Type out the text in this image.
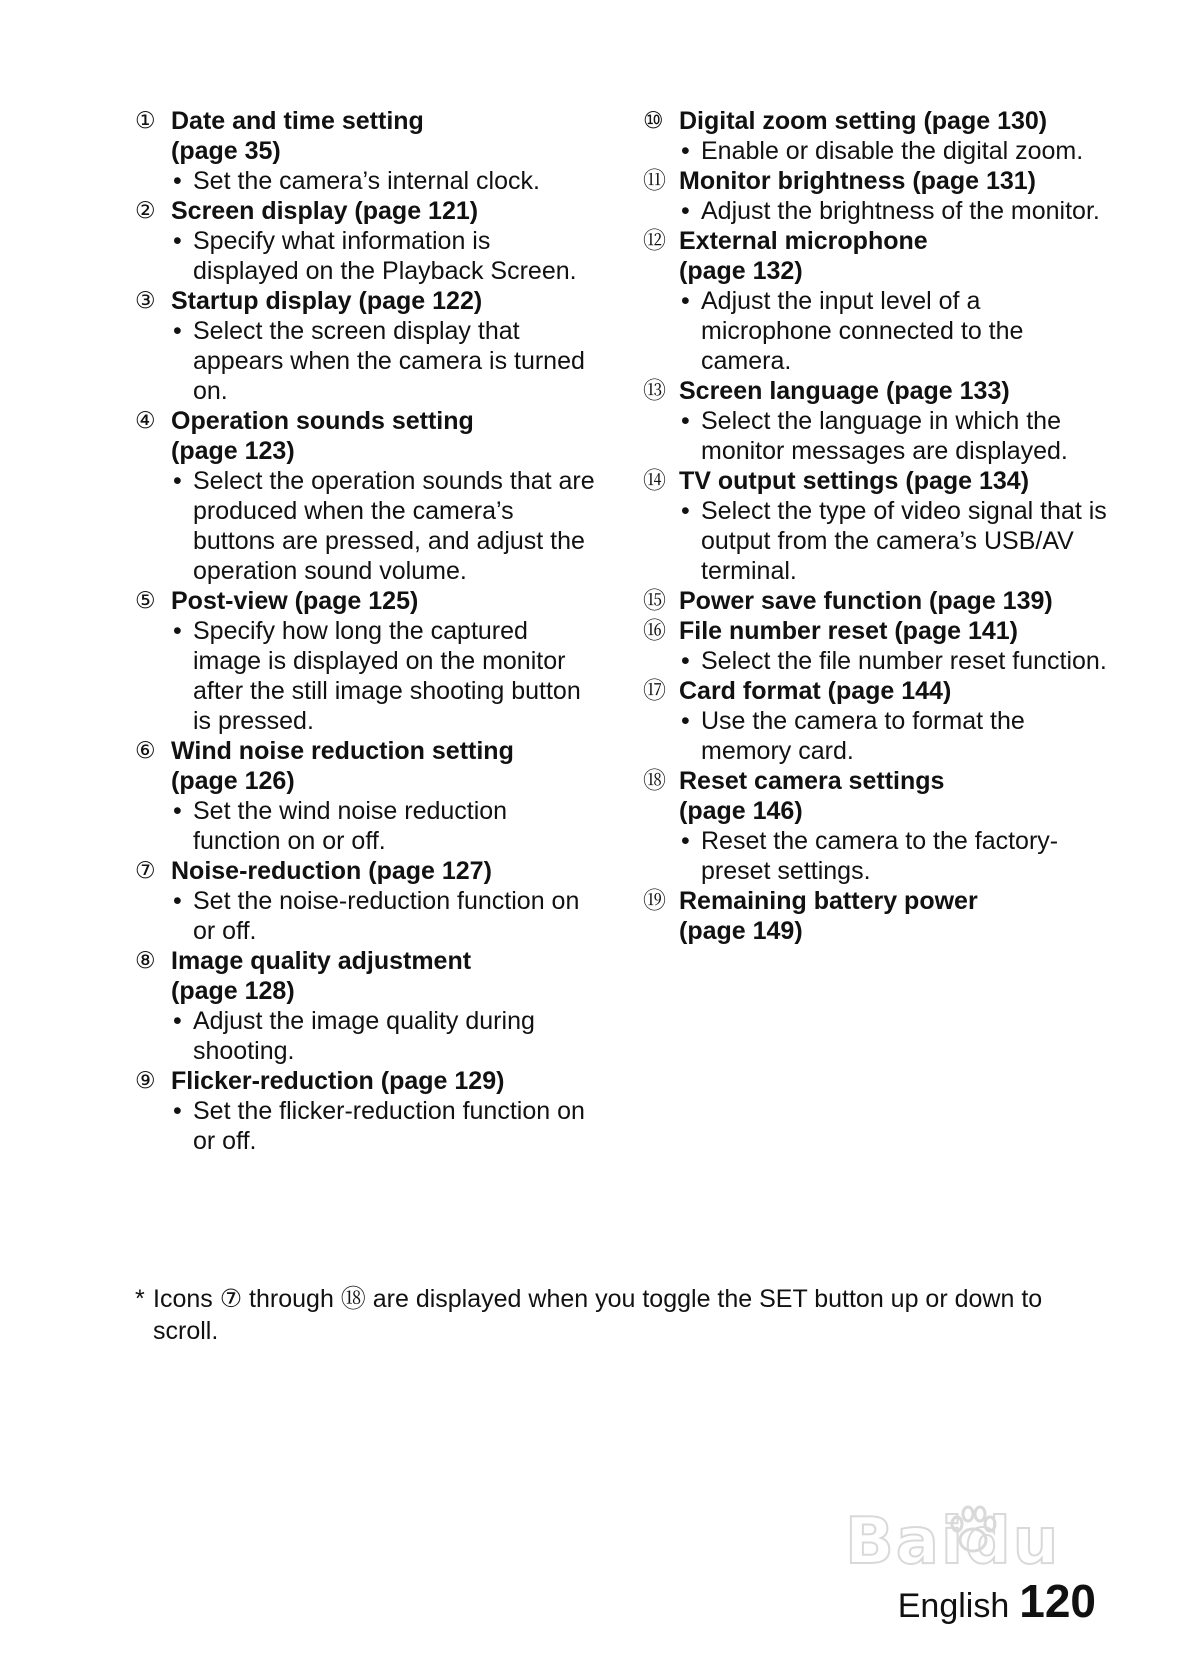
① Date and time setting
(page 35)
• Set the camera’s internal clock.
② Screen display (page 121)
• Specify what information is displayed on the Playback Screen.
③ Startup display (page 122)
• Select the screen display that appears when the camera is turned on.
④ Operation sounds setting
(page 123)
• Select the operation sounds that are produced when the camera’s buttons are pressed, and adjust the operation sound volume.
⑤ Post-view (page 125)
• Specify how long the captured image is displayed on the monitor after the still image shooting button is pressed.
⑥ Wind noise reduction setting
(page 126)
• Set the wind noise reduction function on or off.
⑦ Noise-reduction (page 127)
• Set the noise-reduction function on or off.
⑧ Image quality adjustment
(page 128)
• Adjust the image quality during shooting.
⑨ Flicker-reduction (page 129)
• Set the flicker-reduction function on or off.
⑩ Digital zoom setting (page 130)
• Enable or disable the digital zoom.
⑪ Monitor brightness (page 131)
• Adjust the brightness of the monitor.
⑫ External microphone
(page 132)
• Adjust the input level of a microphone connected to the camera.
⑬ Screen language (page 133)
• Select the language in which the monitor messages are displayed.
⑭ TV output settings (page 134)
• Select the type of video signal that is output from the camera’s USB/AV terminal.
⑮ Power save function (page 139)
⑯ File number reset (page 141)
• Select the file number reset function.
⑰ Card format (page 144)
• Use the camera to format the memory card.
⑱ Reset camera settings
(page 146)
• Reset the camera to the factory-preset settings.
⑲ Remaining battery power
(page 149)
* Icons ⑦ through ⑱ are displayed when you toggle the SET button up or down to scroll.
Baidu
English 120
